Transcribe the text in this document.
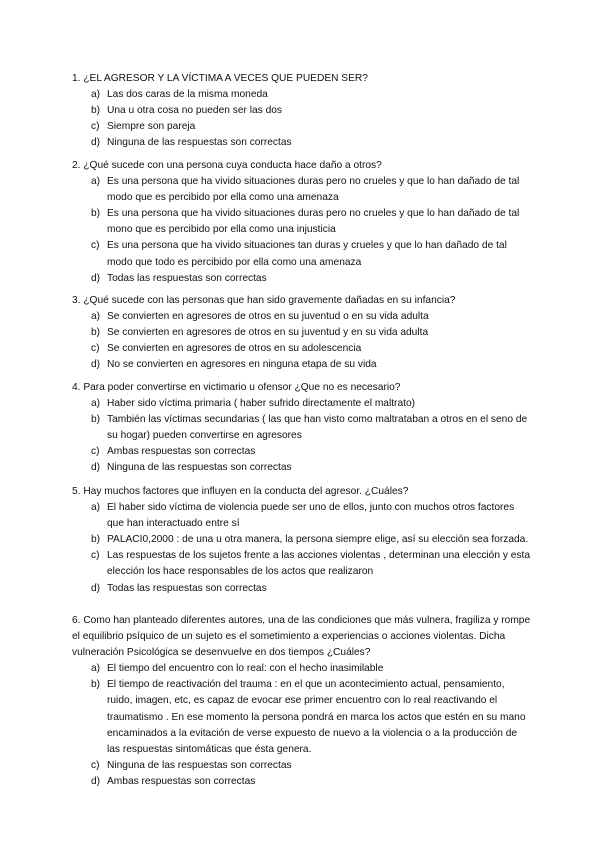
1. ¿EL AGRESOR Y LA VÍCTIMA A VECES QUE PUEDEN SER?

a) Las dos caras de la misma moneda
b) Una u otra cosa no pueden ser las dos
c) Siempre son pareja
d) Ninguna de las respuestas son correctas

2. ¿Qué sucede con una persona cuya conducta hace daño a otros?

a) Es una persona que ha vivido situaciones duras pero no crueles y que lo han dañado de tal modo que es percibido por ella como una amenaza
b) Es una persona que ha vivido situaciones duras pero no crueles y que lo han dañado de tal mono que es percibido por ella como una injusticia
c) Es una persona que ha vivido situaciones tan duras y crueles y que lo han dañado de tal modo que todo es percibido por ella como una amenaza
d) Todas las respuestas son correctas

3. ¿Qué sucede con las personas que han sido gravemente dañadas en su infancia?

a) Se convierten en agresores de otros en su juventud o en su vida adulta
b) Se convierten en agresores de otros en su juventud y en su vida adulta
c) Se convierten en agresores de otros en su adolescencia
d) No se convierten en agresores en ninguna etapa de su vida

4. Para poder convertirse en victimario u ofensor ¿Que no es necesario?

a) Haber sido víctima primaria ( haber sufrido directamente el maltrato)
b) También las víctimas secundarias ( las que han visto como maltrataban a otros en el seno de su hogar) pueden convertirse en agresores
c) Ambas respuestas son correctas
d) Ninguna de las respuestas son correctas

5. Hay muchos factores que influyen en la conducta del agresor. ¿Cuáles?

a) El haber sido víctima de violencia puede ser uno de ellos, junto con muchos otros factores que han interactuado entre sí
b) PALACI0,2000 : de una u otra manera, la persona siempre elige, así su elección sea forzada.
c) Las respuestas de los sujetos frente a las acciones violentas , determinan una elección y esta elección los hace responsables de los actos que realizaron
d) Todas las respuestas son correctas

6. Como han planteado diferentes autores, una de las condiciones que más vulnera, fragiliza y rompe el equilibrio psíquico de un sujeto es el sometimiento a experiencias o acciones violentas. Dicha vulneración Psicológica se desenvuelve en dos tiempos ¿Cuáles?

a) El tiempo del encuentro con lo real: con el hecho inasimilable
b) El tiempo de reactivación del trauma : en el que un acontecimiento actual, pensamiento, ruido, imagen, etc, es capaz de evocar ese primer encuentro con lo real reactivando el traumatismo . En ese momento la persona pondrá en marca los actos que estén en su mano encaminados a la evitación de verse expuesto de nuevo a la violencia o a la producción de las respuestas sintomáticas que ésta genera.
c) Ninguna de las respuestas son correctas
d) Ambas respuestas son correctas
